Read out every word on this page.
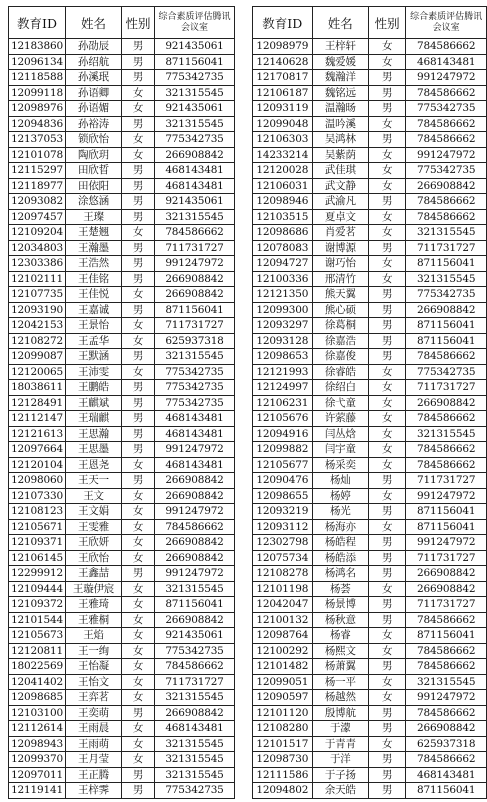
教育ID	姓名	性别	综合素质评估腾讯会议室
12183860	孙劭辰	男	921435061
12096134	孙绍航	男	871156041
12118588	孙溪珉	男	775342735
12099118	孙语卿	女	321315545
12098976	孙语媚	女	921435061
12094836	孙裕涛	男	321315545
12137053	锁欣怡	女	775342735
12101078	陶欣玥	女	266908842
12115297	田欣晢	男	468143481
12118977	田依阳	男	468143481
12093082	涂悠涵	男	921435061
12097457	王璨	男	321315545
12109204	王楚翘	女	784586662
12034803	王瀚墨	男	711731727
12303386	王浩然	男	991247972
12102111	王佳铭	男	266908842
12107735	王佳悦	女	266908842
12093190	王嘉诚	男	871156041
12042153	王景怡	女	711731727
12108272	王孟华	女	625937318
12099087	王默涵	男	321315545
12120065	王沛雯	女	775342735
18038611	王鹏皓	男	775342735
12128491	王麒斌	男	775342735
12112147	王瑞麒	男	468143481
12121613	王思瀚	男	468143481
12097664	王思墨	男	991247972
12120104	王恩尧	女	468143481
12098060	王天一	男	266908842
12107330	王文	女	266908842
12108123	王文娟	女	991247972
12105671	王雯雅	女	784586662
12109371	王欣妍	女	266908842
12106145	王欣怡	女	266908842
12299912	王鑫喆	男	991247972
12109444	王璇伊宸	女	321315545
12109372	王雅琦	女	871156041
12101544	王雅桐	女	266908842
12105673	王焰	女	921435061
12120811	王一绚	女	775342735
18022569	王怡凝	女	784586662
12041402	王怡文	女	711731727
12098685	王弈茗	女	321315545
12103100	王奕萌	男	266908842
12112614	王雨晨	女	468143481
12098943	王雨萌	女	321315545
12099370	王月莹	女	321315545
12097011	王正腾	男	321315545
12119141	王梓霁	男	775342735
教育ID	姓名	性别	综合素质评估腾讯会议室
12098979	王梓轩	女	784586662
12140628	魏爱媛	女	468143481
12170817	魏瀚洋	男	991247972
12106187	魏铭远	男	784586662
12093119	温瀚旸	男	775342735
12099048	温吟溪	女	784586662
12106303	吴鸿林	男	784586662
14233214	吴紫荫	女	991247972
12120028	武佳琪	女	775342735
12106031	武文静	女	266908842
12098946	武渝凡	男	784586662
12103515	夏卓文	女	784586662
12098686	肖爱茗	女	321315545
12078083	谢博源	男	711731727
12094727	谢巧怡	女	871156041
12100336	邢清竹	女	321315545
12121350	熊天翼	男	775342735
12099300	熊心硕	男	266908842
12093297	徐葛桐	男	871156041
12093128	徐嘉浩	男	871156041
12098653	徐嘉俊	男	784586662
12121993	徐睿皓	女	775342735
12124997	徐绍白	女	711731727
12106231	徐弋童	女	266908842
12105676	许萦藤	女	784586662
12094916	闫丛焓	女	321315545
12099882	闫宇童	女	784586662
12105677	杨采奕	女	784586662
12090476	杨灿	男	711731727
12098655	杨婷	女	991247972
12093219	杨光	男	871156041
12093112	杨海亦	女	871156041
12302798	杨皓程	男	991247972
12075734	杨皓添	男	711731727
12108278	杨鸿名	男	266908842
12101198	杨荟	女	266908842
12042047	杨景博	男	711731727
12100132	杨秋意	男	784586662
12098764	杨睿	女	871156041
12100292	杨熙文	女	784586662
12101482	杨萧翼	男	784586662
12099051	杨一平	女	321315545
12090597	杨越然	女	991247972
12101120	殷博航	男	784586662
12108280	于濛	男	266908842
12101517	于青青	女	625937318
12098730	于洋	男	784586662
12111586	于子扬	男	468143481
12094802	余天皓	男	871156041
